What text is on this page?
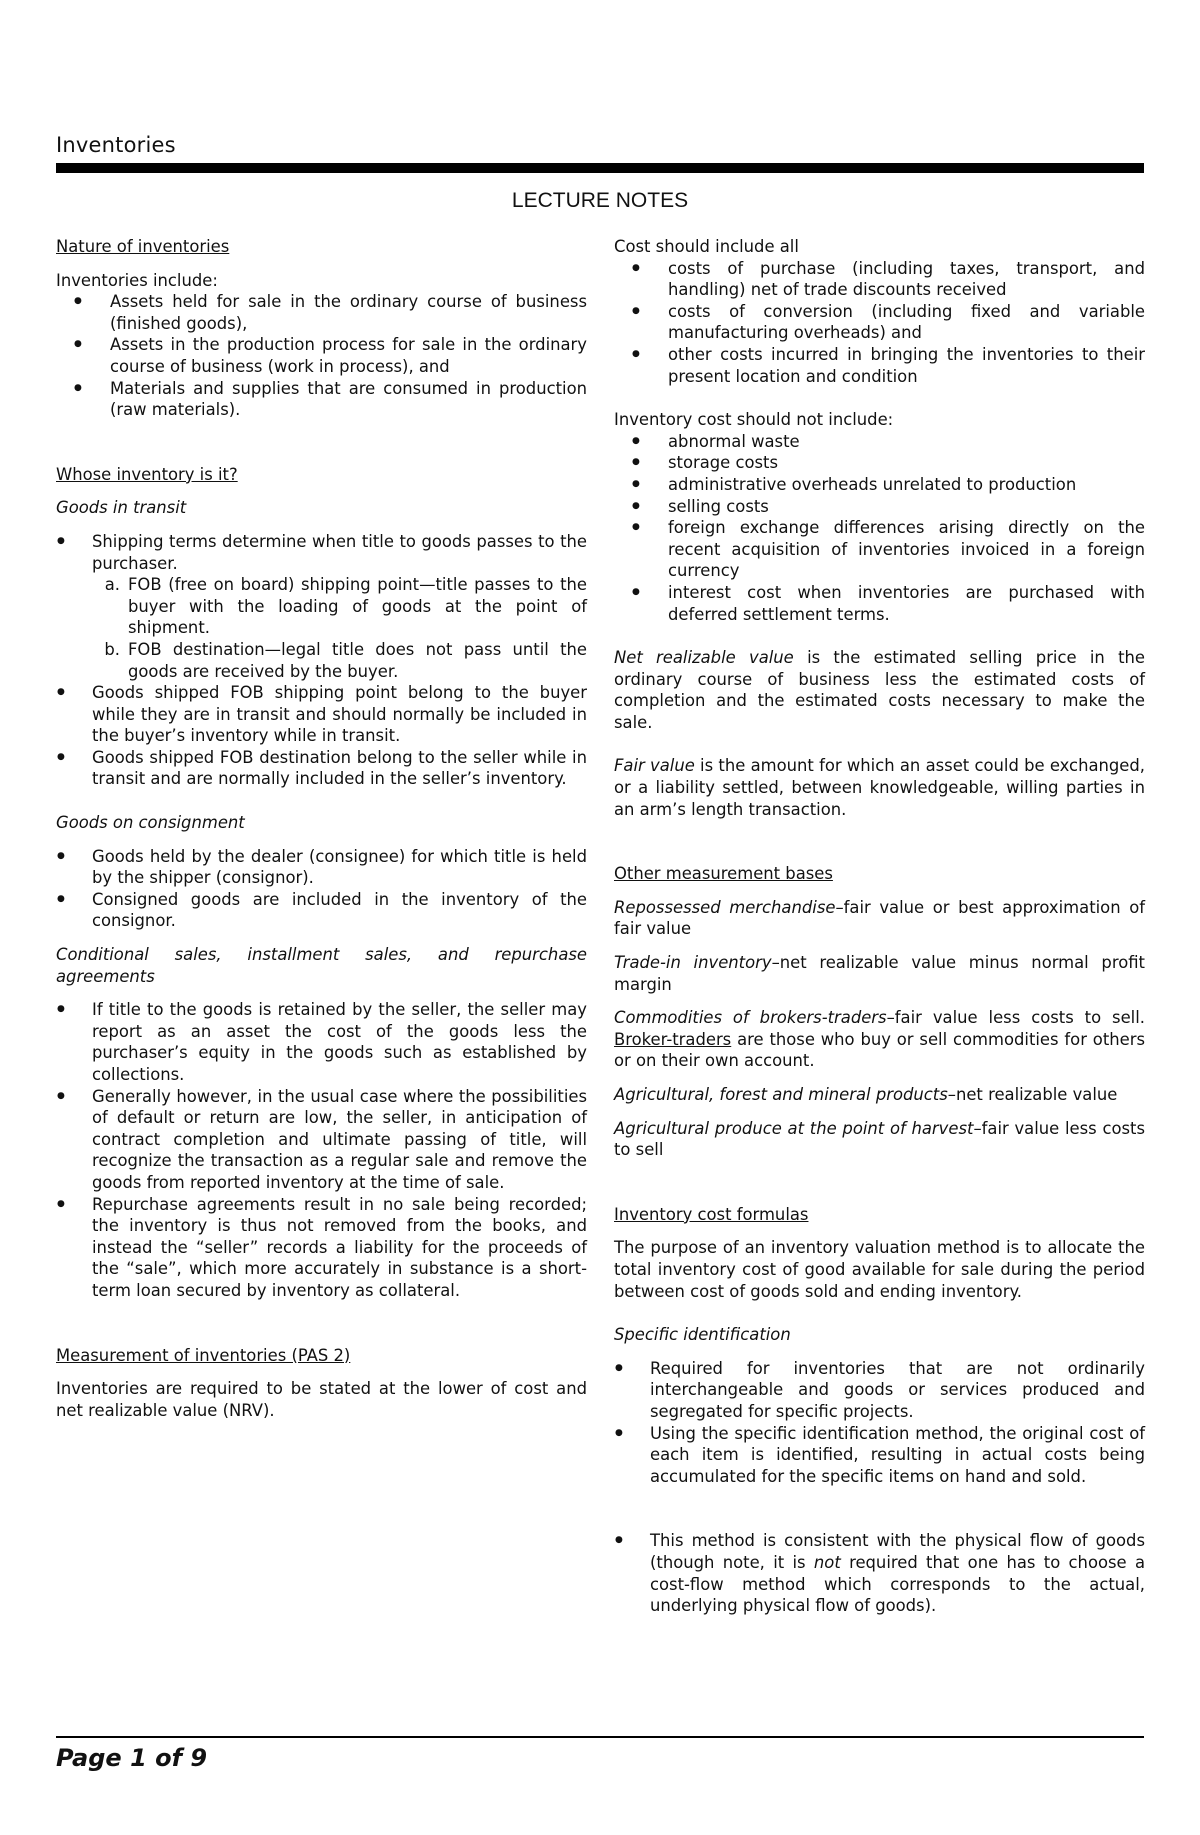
Inventories
LECTURE NOTES

Nature of inventories

Inventories include:

● Assets held for sale in the ordinary course of business (finished goods),
● Assets in the production process for sale in the ordinary course of business (work in process), and
● Materials and supplies that are consumed in production (raw materials).

Whose inventory is it?

Goods in transit

● Shipping terms determine when title to goods passes to the purchaser.
a. FOB (free on board) shipping point—title passes to the buyer with the loading of goods at the point of shipment.
b. FOB destination—legal title does not pass until the goods are received by the buyer.
● Goods shipped FOB shipping point belong to the buyer while they are in transit and should normally be included in the buyer’s inventory while in transit.
● Goods shipped FOB destination belong to the seller while in transit and are normally included in the seller’s inventory.

Goods on consignment

● Goods held by the dealer (consignee) for which title is held by the shipper (consignor).
● Consigned goods are included in the inventory of the consignor.

Conditional sales, installment sales, and repurchase agreements

● If title to the goods is retained by the seller, the seller may report as an asset the cost of the goods less the purchaser’s equity in the goods such as established by collections.
● Generally however, in the usual case where the possibilities of default or return are low, the seller, in anticipation of contract completion and ultimate passing of title, will recognize the transaction as a regular sale and remove the goods from reported inventory at the time of sale.
● Repurchase agreements result in no sale being recorded; the inventory is thus not removed from the books, and instead the “seller” records a liability for the proceeds of the “sale”, which more accurately in substance is a short-term loan secured by inventory as collateral.

Measurement of inventories (PAS 2)

Inventories are required to be stated at the lower of cost and net realizable value (NRV).

Cost should include all

● costs of purchase (including taxes, transport, and handling) net of trade discounts received
● costs of conversion (including fixed and variable manufacturing overheads) and
● other costs incurred in bringing the inventories to their present location and condition

Inventory cost should not include:

● abnormal waste
● storage costs
● administrative overheads unrelated to production
● selling costs
● foreign exchange differences arising directly on the recent acquisition of inventories invoiced in a foreign currency
● interest cost when inventories are purchased with deferred settlement terms.

Net realizable value is the estimated selling price in the ordinary course of business less the estimated costs of completion and the estimated costs necessary to make the sale.

Fair value is the amount for which an asset could be exchanged, or a liability settled, between knowledgeable, willing parties in an arm’s length transaction.

Other measurement bases

Repossessed merchandise–fair value or best approximation of fair value

Trade-in inventory–net realizable value minus normal profit margin

Commodities of brokers-traders–fair value less costs to sell. Broker-traders are those who buy or sell commodities for others or on their own account.

Agricultural, forest and mineral products–net realizable value

Agricultural produce at the point of harvest–fair value less costs to sell

Inventory cost formulas

The purpose of an inventory valuation method is to allocate the total inventory cost of good available for sale during the period between cost of goods sold and ending inventory.

Specific identification

● Required for inventories that are not ordinarily interchangeable and goods or services produced and segregated for specific projects.
● Using the specific identification method, the original cost of each item is identified, resulting in actual costs being accumulated for the specific items on hand and sold.
● This method is consistent with the physical flow of goods (though note, it is not required that one has to choose a cost-flow method which corresponds to the actual, underlying physical flow of goods).
Page 1 of 9
